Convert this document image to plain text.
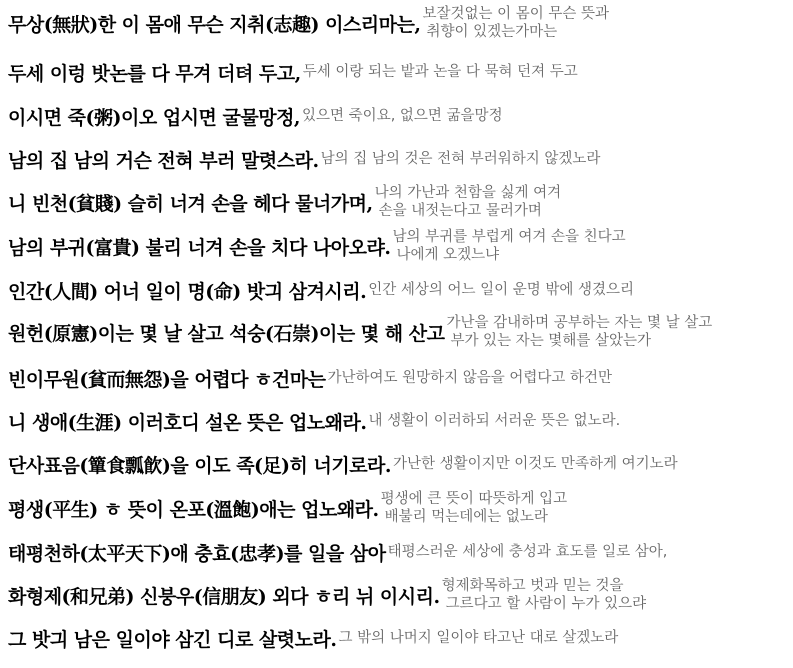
무상(無狀)한 이 몸애 무슨 지취(志趣) 이스리마는, 보잘것없는 이 몸이 무슨 뜻과
취향이 있겠는가마는
두세 이렁 밧논를 다 무겨 더텨 두고, 두세 이랑 되는 밭과 논을 다 묵혀 던져 두고
이시면 죽(粥)이오 업시면 굴물망정, 있으면 죽이요, 없으면 굶을망정
남의 집 남의 거슨 전혀 부러 말렷스라. 남의 집 남의 것은 전혀 부러워하지 않겠노라
니 빈천(貧賤) 슬히 너겨 손을 헤다 물너가며, 나의 가난과 천함을 싫게 여겨
손을 내젓는다고 물러가며
남의 부귀(富貴) 불리 너겨 손을 치다 나아오랴. 남의 부귀를 부럽게 여겨 손을 친다고
나에게 오겠느냐
인간(人間) 어너 일이 명(命) 밧긔 삼겨시리. 인간 세상의 어느 일이 운명 밖에 생겼으리
원헌(原憲)이는 몇 날 살고 석숭(石崇)이는 몇 해 산고 가난을 감내하며 공부하는 자는 몇 날 살고
부가 있는 자는 몇해를 살았는가
빈이무원(貧而無怨)을 어렵다 ㅎ건마는 가난하여도 원망하지 않음을 어렵다고 하건만
니 생애(生涯) 이러호디 설온 뜻은 업노왜라. 내 생활이 이러하되 서러운 뜻은 없노라.
단사표음(簞食瓢飮)을 이도 족(足)히 너기로라. 가난한 생활이지만 이것도 만족하게 여기노라
평생(平生) ㅎ 뜻이 온포(溫飽)애는 업노왜라. 평생에 큰 뜻이 따뜻하게 입고
배불리 먹는데에는 없노라
태평천하(太平天下)애 충효(忠孝)를 일을 삼아 태평스러운 세상에 충성과 효도를 일로 삼아,
화형제(和兄弟) 신붕우(信朋友) 외다 ㅎ리 뉘 이시리. 형제화목하고 벗과 믿는 것을
그르다고 할 사람이 누가 있으랴
그 밧긔 남은 일이야 삼긴 디로 살렷노라. 그 밖의 나머지 일이야 타고난 대로 살겠노라
